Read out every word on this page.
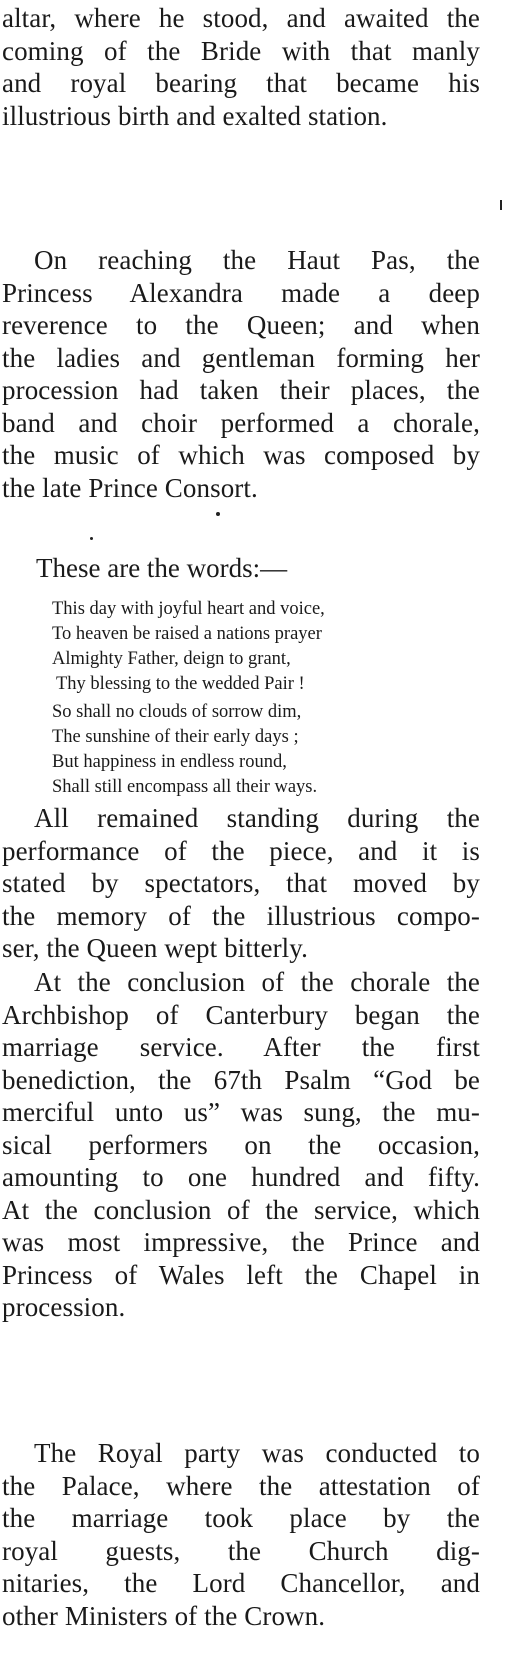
altar, where he stood, and awaited the
coming of the Bride with that manly
and royal bearing that became his
illustrious birth and exalted station.
On reaching the Haut Pas, the
Princess Alexandra made a deep
reverence to the Queen; and when
the ladies and gentleman forming her
procession had taken their places, the
band and choir performed a chorale,
the music of which was composed by
the late Prince Consort.
These are the words:—
This day with joyful heart and voice,
To heaven be raised a nations prayer
Almighty Father, deign to grant,
Thy blessing to the wedded Pair !
So shall no clouds of sorrow dim,
The sunshine of their early days ;
But happiness in endless round,
Shall still encompass all their ways.
All remained standing during the
performance of the piece, and it is
stated by spectators, that moved by
the memory of the illustrious compo-
ser, the Queen wept bitterly.
At the conclusion of the chorale the
Archbishop of Canterbury began the
marriage service. After the first
benediction, the 67th Psalm “God be
merciful unto us” was sung, the mu-
sical performers on the occasion,
amounting to one hundred and fifty.
At the conclusion of the service, which
was most impressive, the Prince and
Princess of Wales left the Chapel in
procession.
The Royal party was conducted to
the Palace, where the attestation of
the marriage took place by the
royal guests, the Church dig-
nitaries, the Lord Chancellor, and
other Ministers of the Crown.
